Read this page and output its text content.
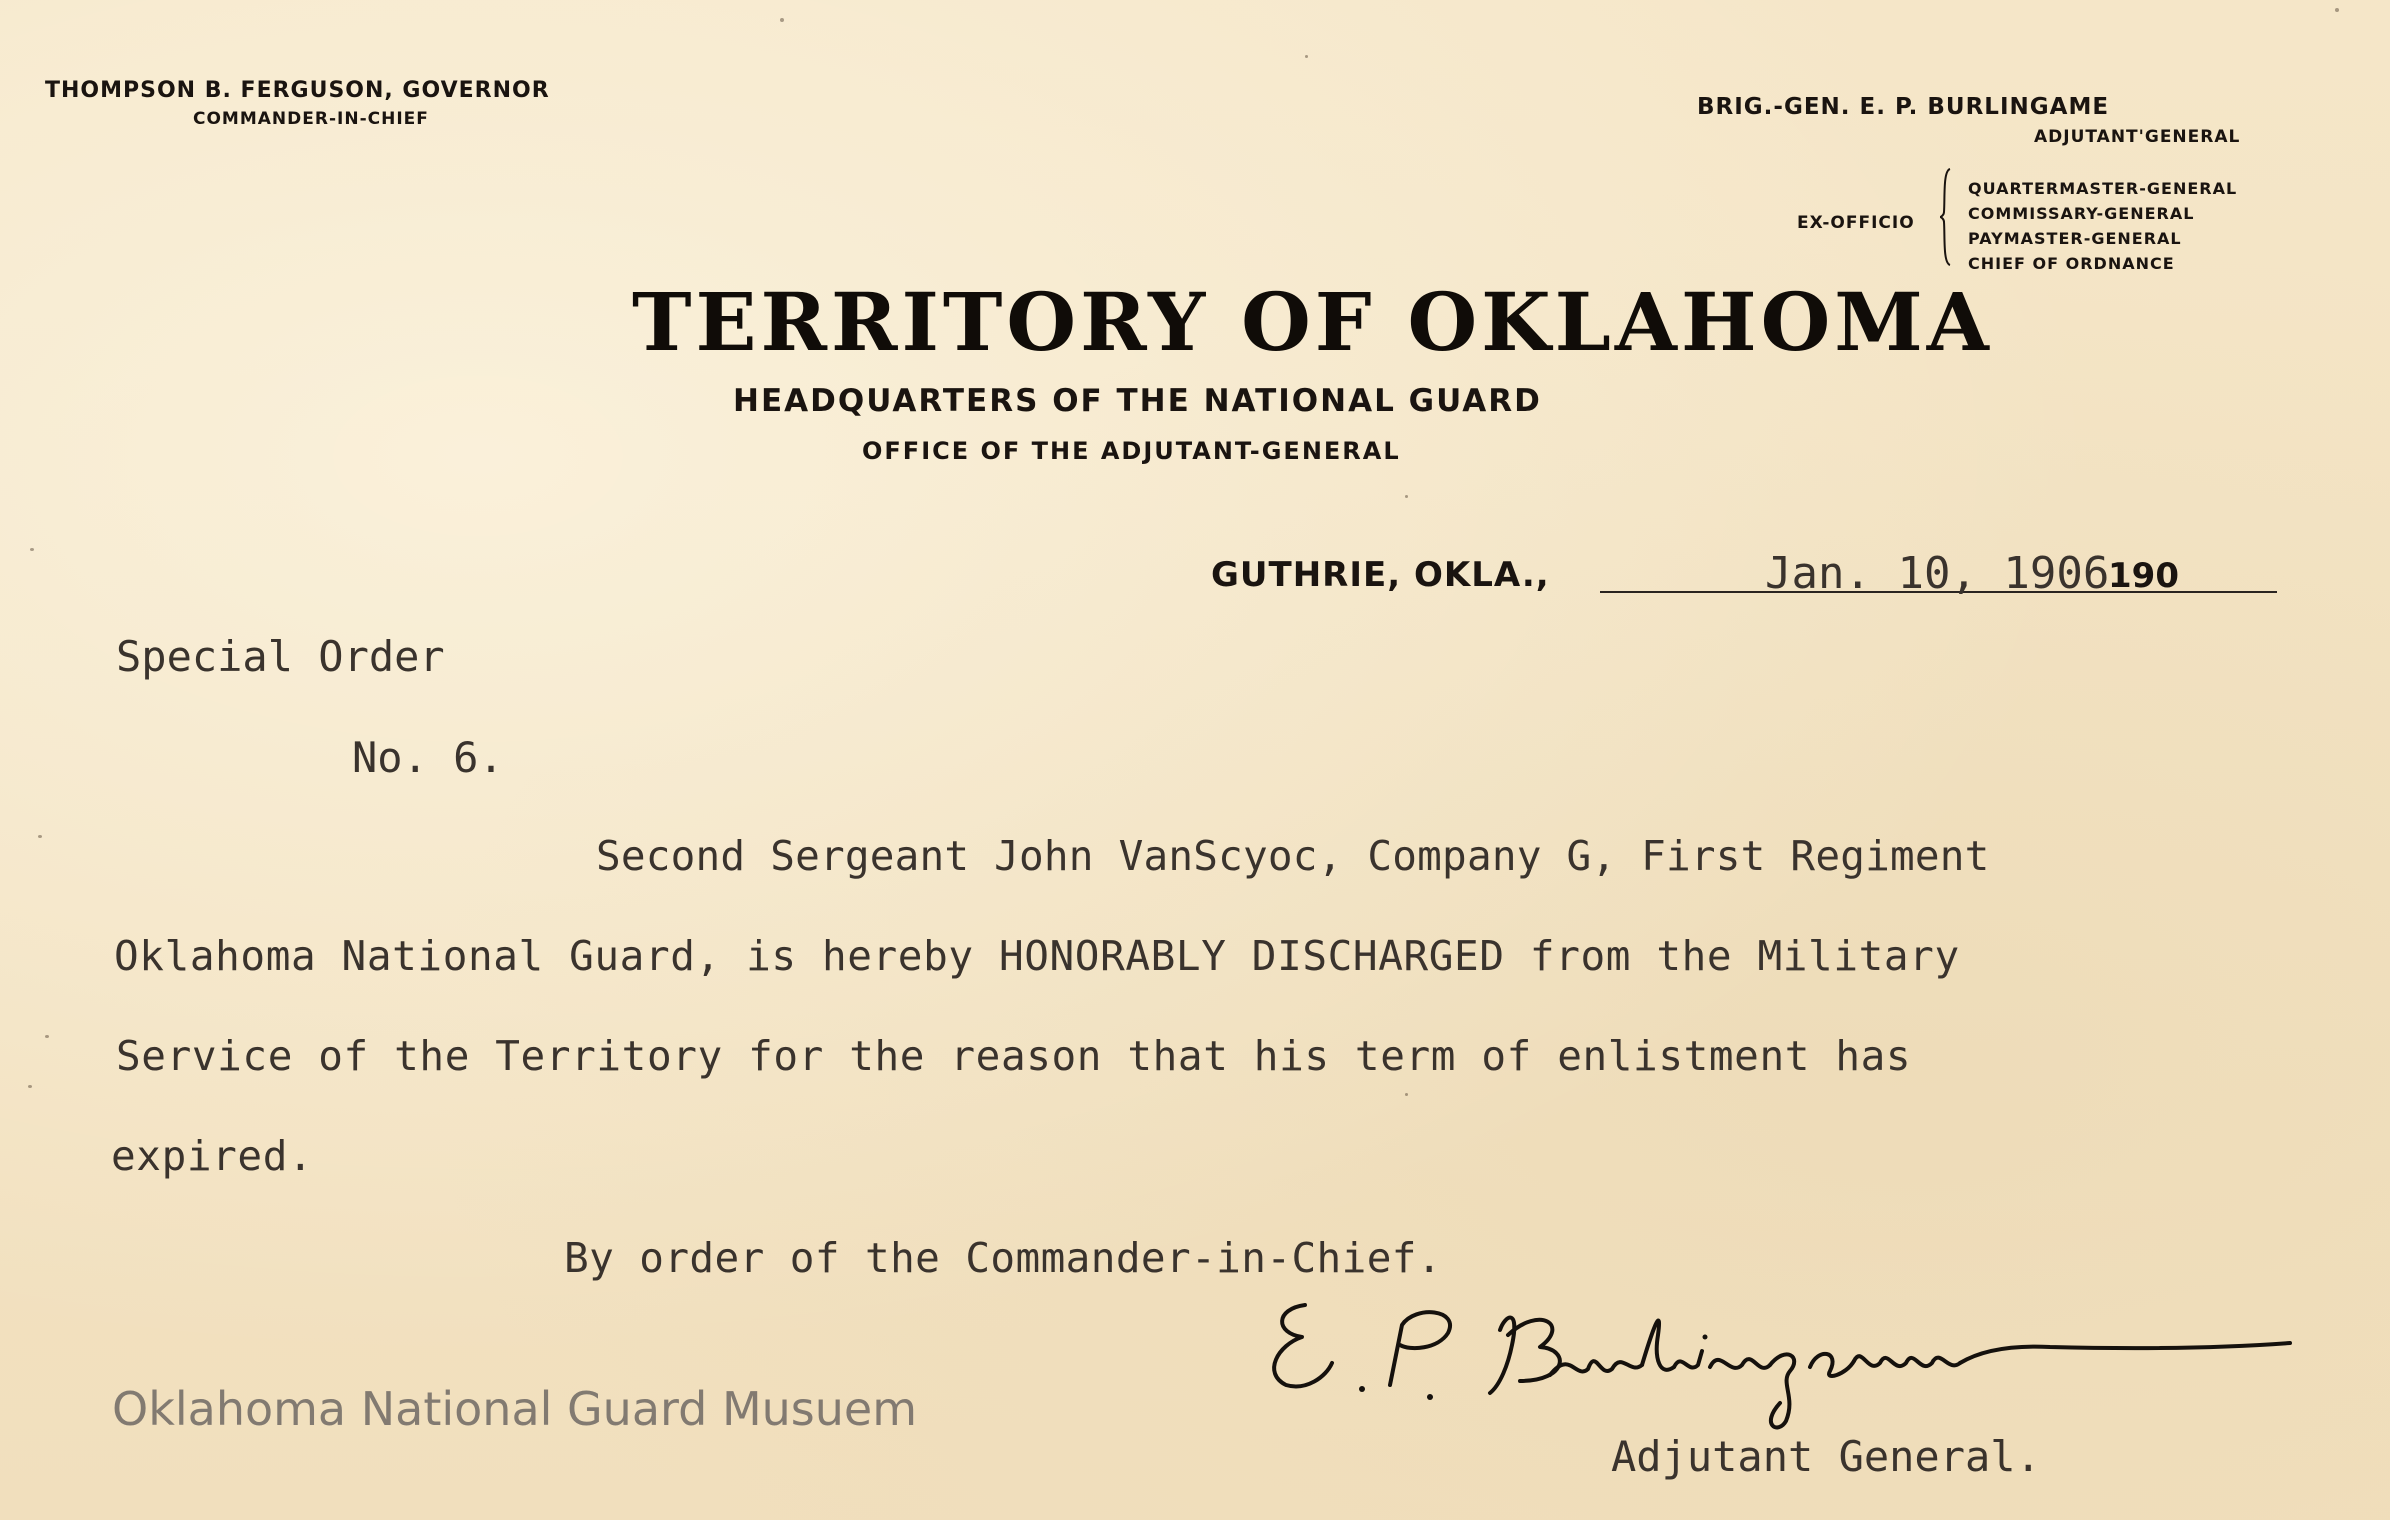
THOMPSON B. FERGUSON, GOVERNOR
COMMANDER-IN-CHIEF	BRIG.-GEN. E. P. BURLINGAME
ADJUTANT'GENERAL
EX-OFFICIO
QUARTERMASTER-GENERAL
COMMISSARY-GENERAL
PAYMASTER-GENERAL
CHIEF OF ORDNANCE
TERRITORY OF OKLAHOMA
HEADQUARTERS OF THE NATIONAL GUARD
OFFICE OF THE ADJUTANT-GENERAL
GUTHRIE, OKLA.,	Jan. 10, 1906
190
Special Order
No. 6.
Second Sergeant John VanScyoc, Company G, First Regiment
Oklahoma National Guard, is hereby HONORABLY DISCHARGED from the Military
Service of the Territory for the reason that his term of enlistment has
expired.
By order of the Commander-in-Chief.
Adjutant General.
Oklahoma National Guard Musuem
